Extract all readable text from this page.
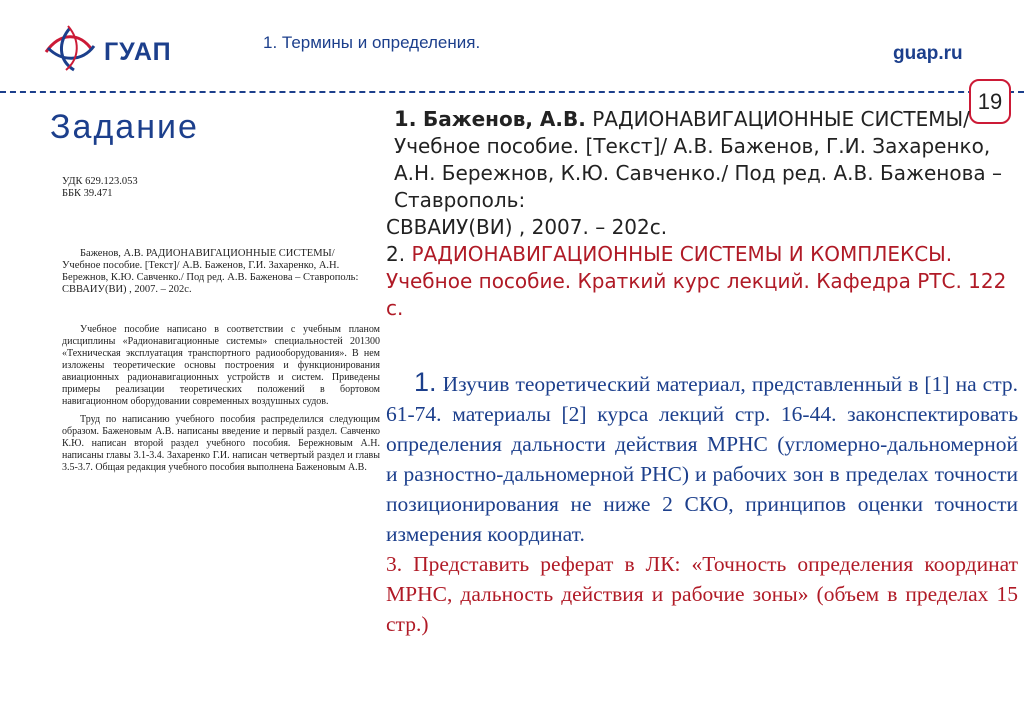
ГУАП	1. Термины и определения.
guap.ru
19
Задание
УДК 629.123.053
ББК 39.471
Баженов, А.В. РАДИОНАВИГАЦИОННЫЕ СИСТЕМЫ/
Учебное пособие. [Текст]/ А.В. Баженов, Г.И. Захаренко, А.Н.
Бережнов, К.Ю. Савченко./ Под ред. А.В. Баженова – Ставрополь:
СВВАИУ(ВИ) , 2007. – 202с.
Учебное пособие написано в соответствии с учебным планом дисциплины «Радионавигационные системы» специальностей 201300 «Техническая эксплуатация транспортного радиооборудования». В нем изложены теоретические основы построения и функционирования авиационных радионавигационных устройств и систем. Приведены примеры реализации теоретических положений в бортовом навигационном оборудовании современных воздушных судов.
Труд по написанию учебного пособия распределился следующим образом. Баженовым А.В. написаны введение и первый раздел. Савченко К.Ю. написан второй раздел учебного пособия. Бережновым А.Н. написаны главы 3.1-3.4. Захаренко Г.И. написан четвертый раздел и главы 3.5-3.7. Общая редакция учебного пособия выполнена Баженовым А.В.
1. Баженов, А.В. РАДИОНАВИГАЦИОННЫЕ СИСТЕМЫ/Учебное пособие. [Текст]/ А.В. Баженов, Г.И. Захаренко, А.Н. Бережнов, К.Ю. Савченко./ Под ред. А.В. Баженова – Ставрополь:
СВВАИУ(ВИ) , 2007. – 202с.
2. РАДИОНАВИГАЦИОННЫЕ СИСТЕМЫ И КОМПЛЕКСЫ. Учебное пособие. Краткий курс лекций. Кафедра РТС. 122 с.
1. Изучив теоретический материал, представленный в [1] на стр. 61-74. материалы [2] курса лекций стр. 16-44. законспектировать определения дальности действия МРНС (угломерно-дальномерной и разностно-дальномерной РНС) и рабочих зон в пределах точности позиционирования не ниже 2 СКО, принципов оценки точности измерения координат.
3. Представить реферат в ЛК: «Точность определения координат МРНС, дальность действия и рабочие зоны» (объем в пределах 15 стр.)
